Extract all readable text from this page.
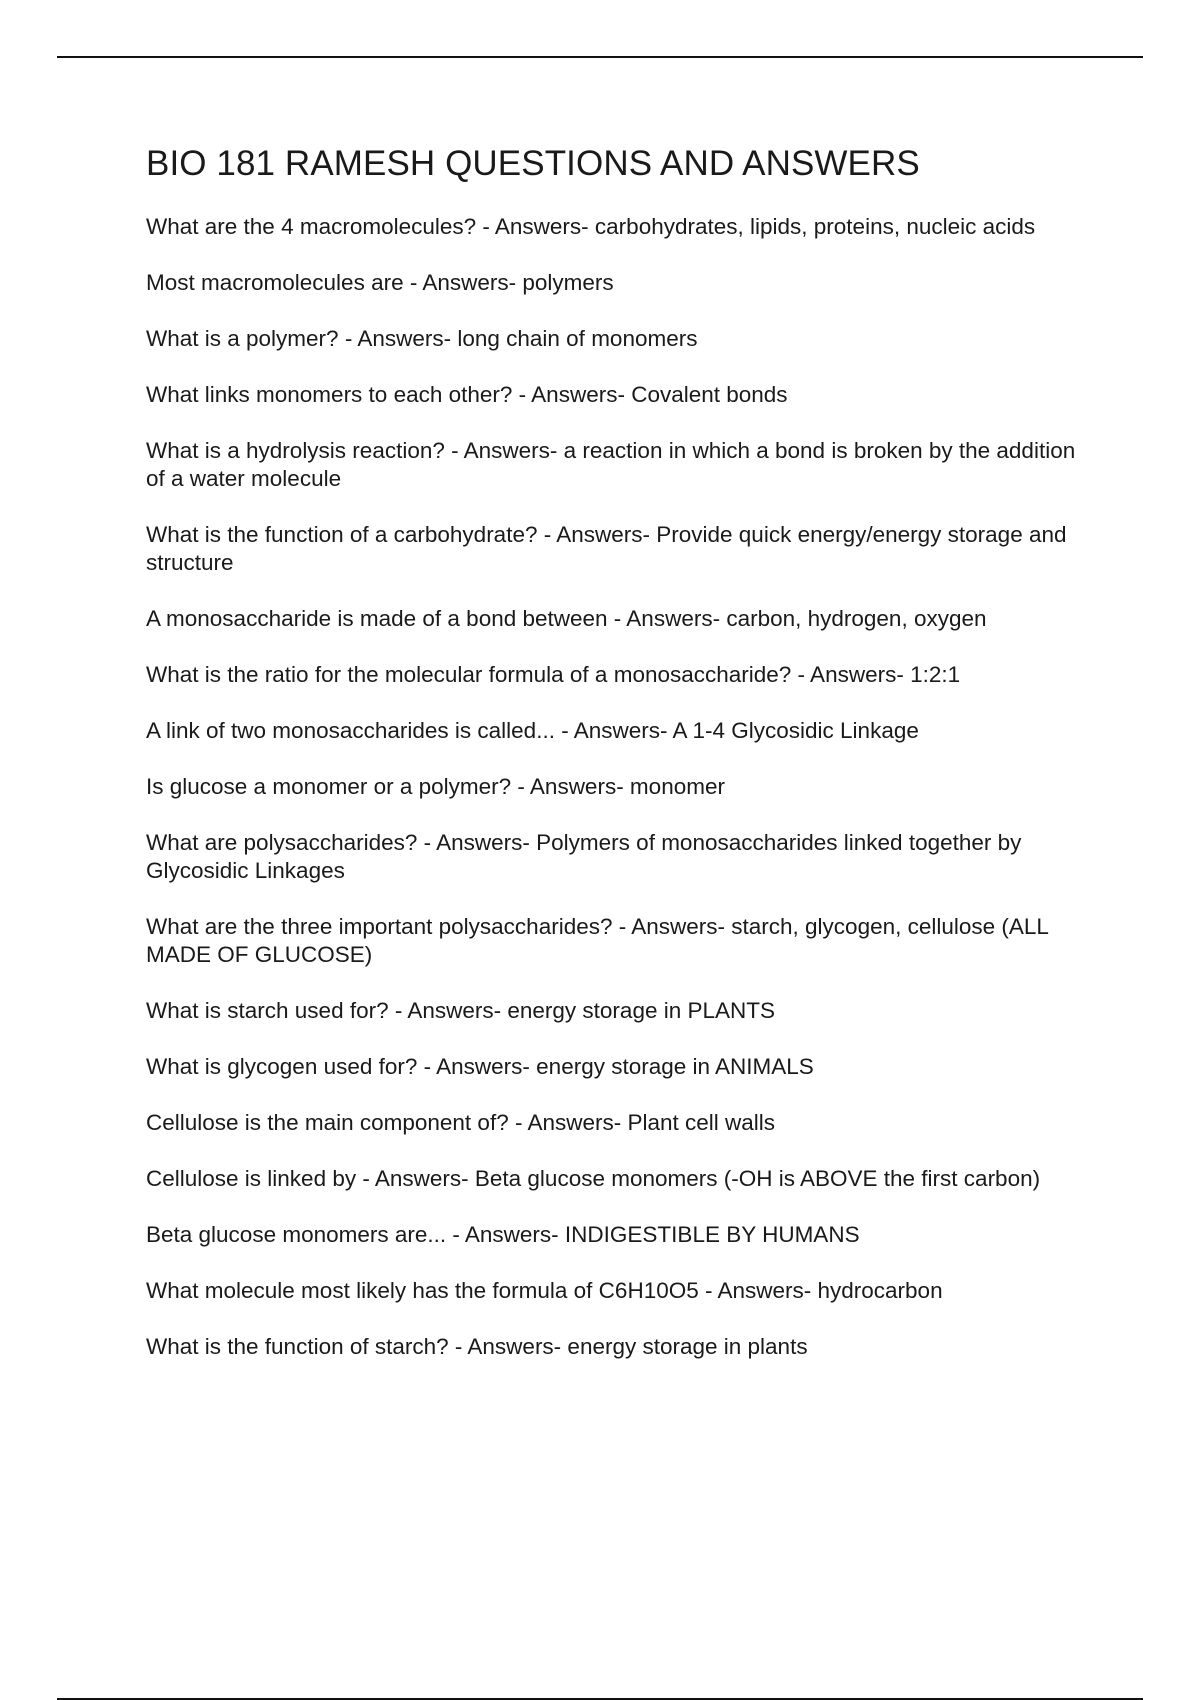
BIO 181 RAMESH QUESTIONS AND ANSWERS
What are the 4 macromolecules? - Answers- carbohydrates, lipids, proteins, nucleic acids
Most macromolecules are - Answers- polymers
What is a polymer? - Answers- long chain of monomers
What links monomers to each other? - Answers- Covalent bonds
What is a hydrolysis reaction? - Answers- a reaction in which a bond is broken by the addition of a water molecule
What is the function of a carbohydrate? - Answers- Provide quick energy/energy storage and structure
A monosaccharide is made of a bond between - Answers- carbon, hydrogen, oxygen
What is the ratio for the molecular formula of a monosaccharide? - Answers- 1:2:1
A link of two monosaccharides is called... - Answers- A 1-4 Glycosidic Linkage
Is glucose a monomer or a polymer? - Answers- monomer
What are polysaccharides? - Answers- Polymers of monosaccharides linked together by Glycosidic Linkages
What are the three important polysaccharides? - Answers- starch, glycogen, cellulose (ALL MADE OF GLUCOSE)
What is starch used for? - Answers- energy storage in PLANTS
What is glycogen used for? - Answers- energy storage in ANIMALS
Cellulose is the main component of? - Answers- Plant cell walls
Cellulose is linked by - Answers- Beta glucose monomers (-OH is ABOVE the first carbon)
Beta glucose monomers are... - Answers- INDIGESTIBLE BY HUMANS
What molecule most likely has the formula of C6H10O5 - Answers- hydrocarbon
What is the function of starch? - Answers- energy storage in plants
